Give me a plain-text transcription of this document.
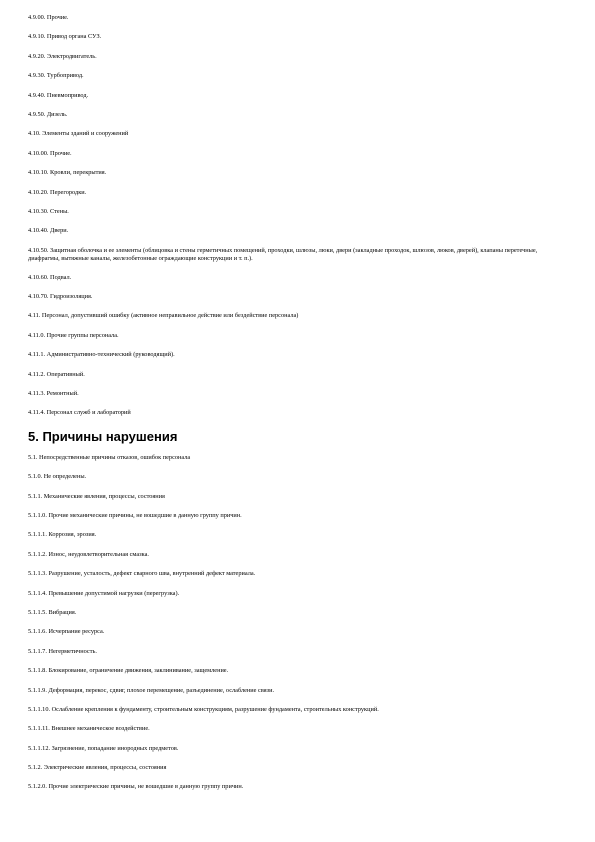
4.9.00. Прочие.

4.9.10. Привод органа СУЗ.

4.9.20. Электродвигатель.

4.9.30. Турбопривод.

4.9.40. Пневмопривод.

4.9.50. Дизель.

4.10. Элементы зданий и сооружений

4.10.00. Прочие.

4.10.10. Кровли, перекрытия.

4.10.20. Перегородки.

4.10.30. Стены.

4.10.40. Двери.

4.10.50. Защитная оболочка и ее элементы (облицовка и стены герметичных помещений, проходки, шлюзы, люки, двери (закладные проходок, шлюзов, люков, дверей), клапаны перетечные, диафрагмы, вытяжные каналы, железобетонные ограждающие конструкции и т. п.).

4.10.60. Подвал.

4.10.70. Гидроизоляция.

4.11. Персонал, допустивший ошибку (активное неправильное действие или бездействие персонала)

4.11.0. Прочие группы персонала.

4.11.1. Административно-технический (руководящий).

4.11.2. Оперативный.

4.11.3. Ремонтный.

4.11.4. Персонал служб и лабораторий

5. Причины нарушения

5.1. Непосредственные причины отказов, ошибок персонала

5.1.0. Не определены.

5.1.1. Механические явления, процессы, состояния

5.1.1.0. Прочие механические причины, не вошедшие в данную группу причин.

5.1.1.1. Коррозия, эрозия.

5.1.1.2. Износ, неудовлетворительная смазка.

5.1.1.3. Разрушение, усталость, дефект сварного шва, внутренний дефект материала.

5.1.1.4. Превышение допустимой нагрузки (перегрузка).

5.1.1.5. Вибрация.

5.1.1.6. Исчерпание ресурса.

5.1.1.7. Негерметичность.

5.1.1.8. Блокирование, ограничение движения, заклинивание, защемление.

5.1.1.9. Деформация, перекос, сдвиг, плохое перемещение, разъединение, ослабление связи.

5.1.1.10. Ослабление крепления к фундаменту, строительным конструкциям, разрушение фундамента, строительных конструкций.

5.1.1.11. Внешнее механическое воздействие.

5.1.1.12. Загрязнение, попадание инородных предметов.

5.1.2. Электрические явления, процессы, состояния

5.1.2.0. Прочие электрические причины, не вошедшие в данную группу причин.
